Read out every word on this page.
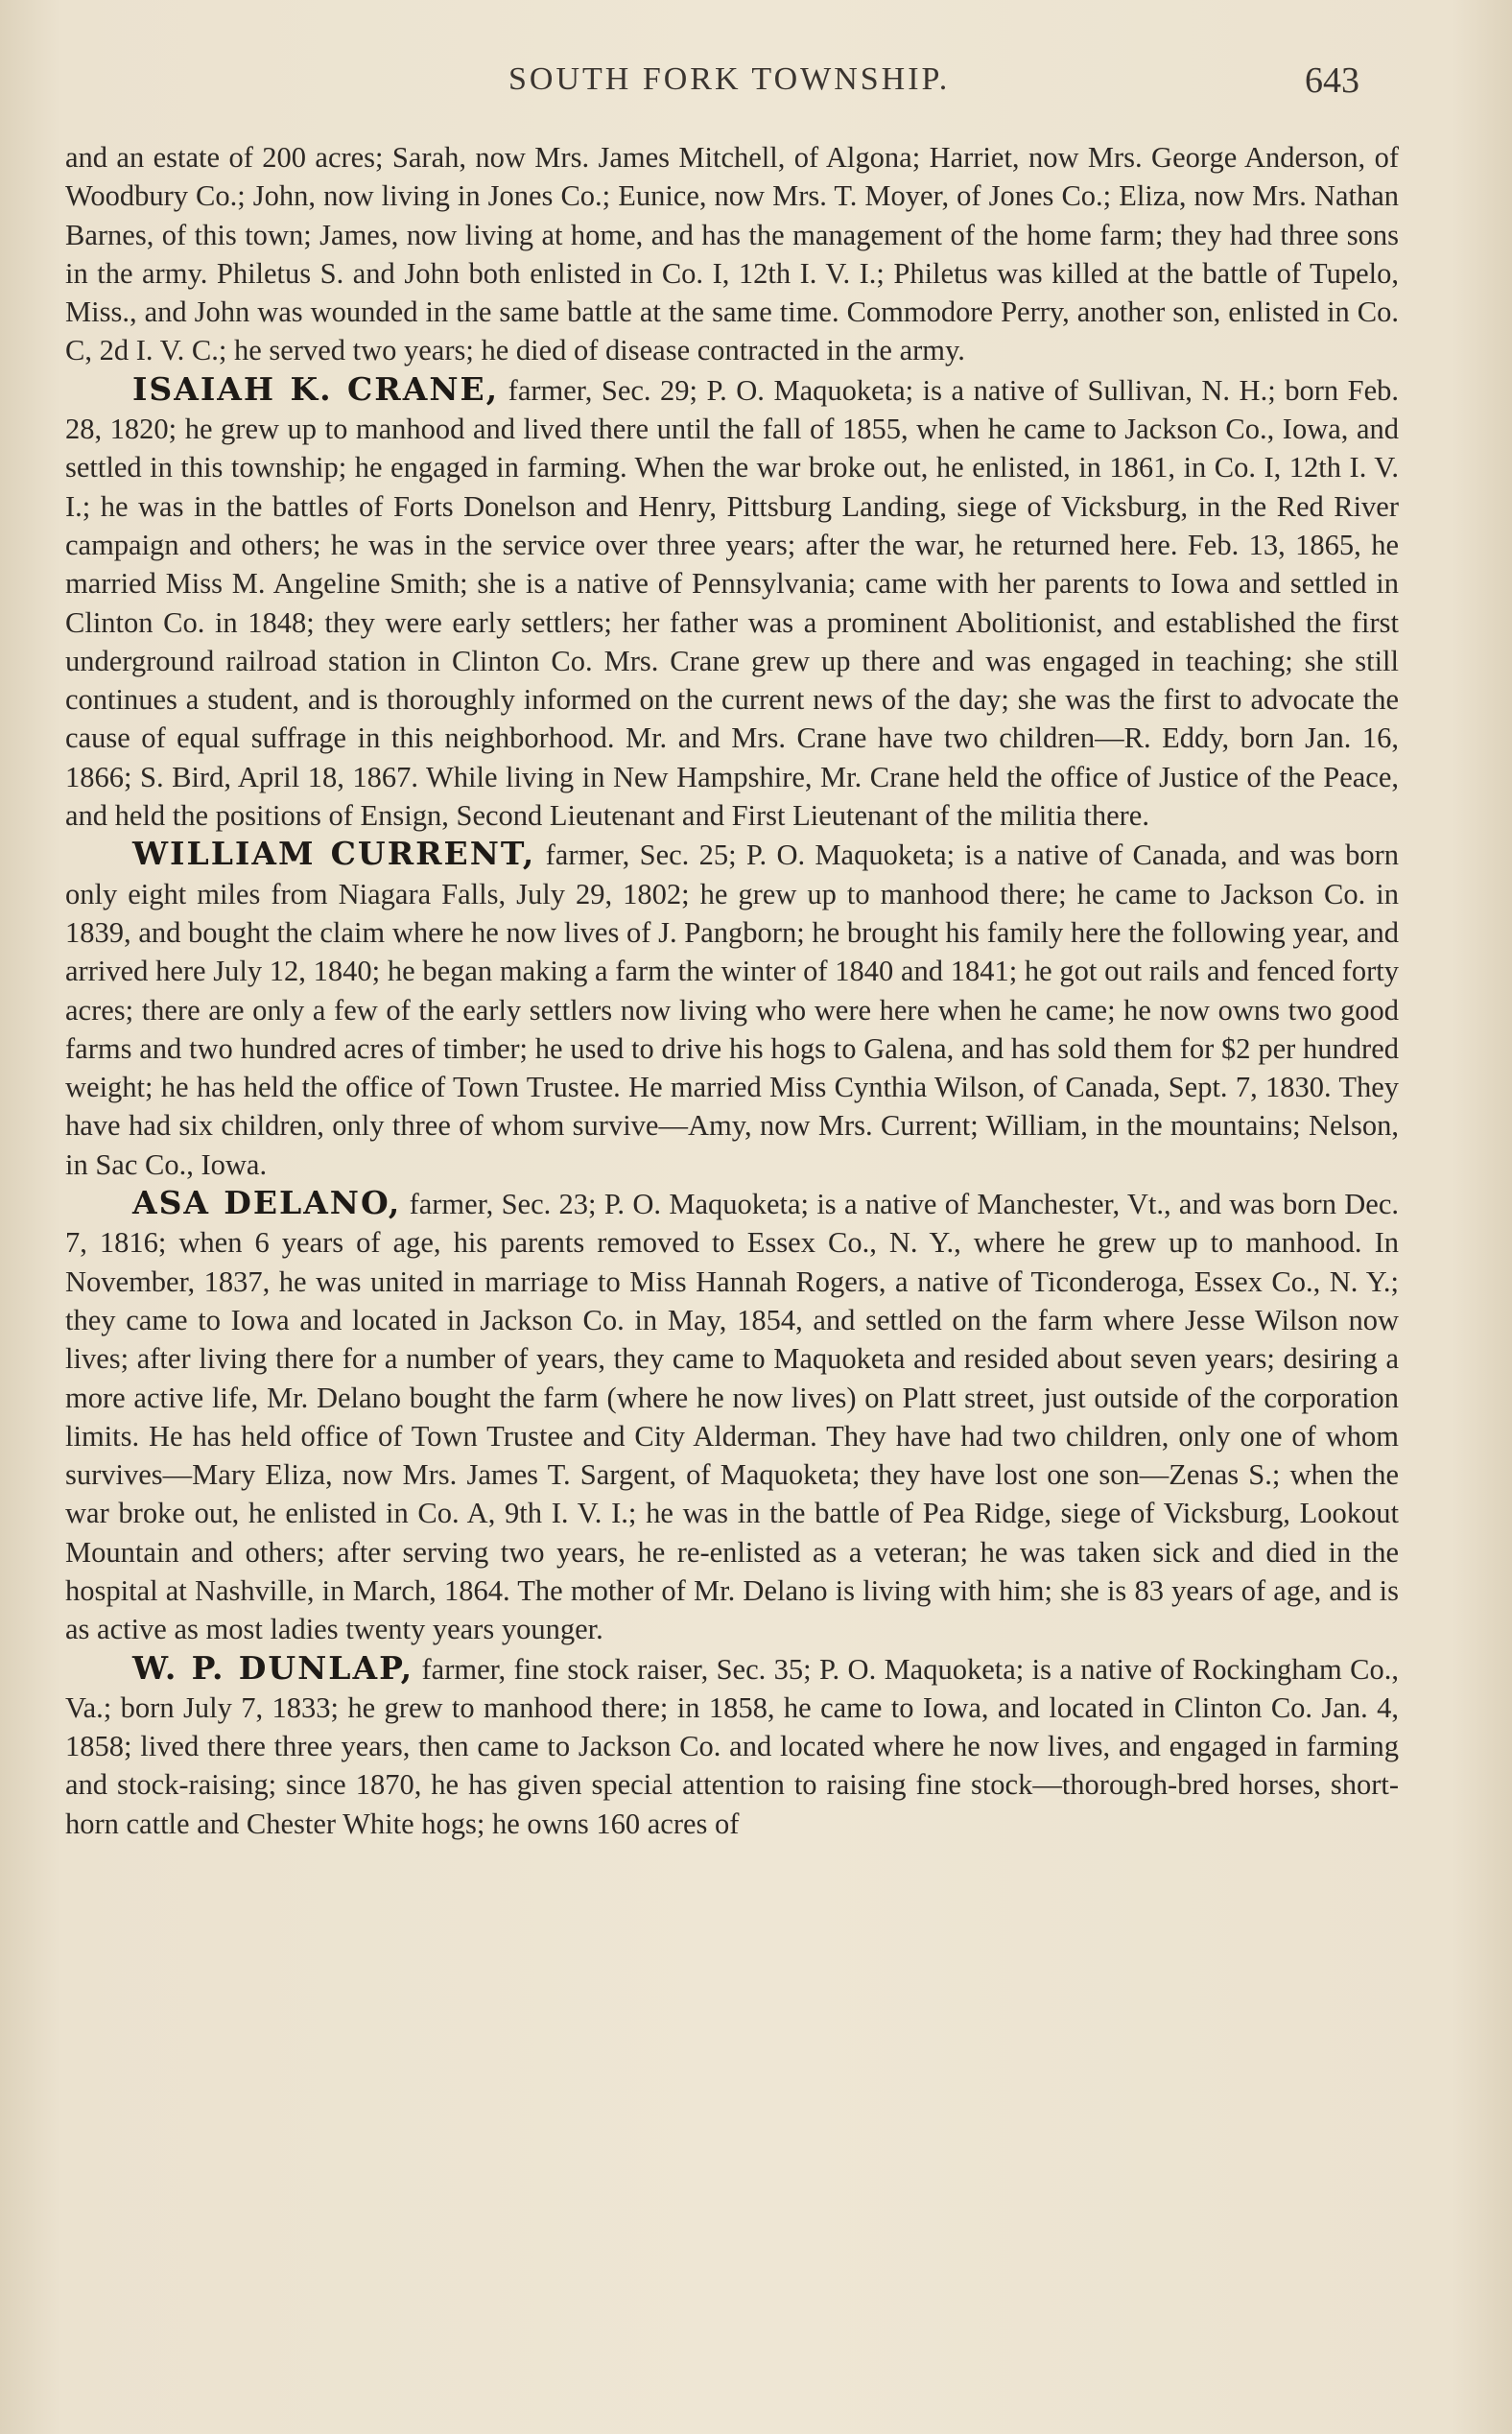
SOUTH FORK TOWNSHIP.	643

and an estate of 200 acres; Sarah, now Mrs. James Mitchell, of Algona; Harriet, now Mrs. George Anderson, of Woodbury Co.; John, now living in Jones Co.; Eunice, now Mrs. T. Moyer, of Jones Co.; Eliza, now Mrs. Nathan Barnes, of this town; James, now living at home, and has the management of the home farm; they had three sons in the army. Philetus S. and John both enlisted in Co. I, 12th I. V. I.; Philetus was killed at the battle of Tupelo, Miss., and John was wounded in the same battle at the same time. Commodore Perry, another son, enlisted in Co. C, 2d I. V. C.; he served two years; he died of disease contracted in the army.

ISAIAH K. CRANE, farmer, Sec. 29; P. O. Maquoketa; is a native of Sullivan, N. H.; born Feb. 28, 1820; he grew up to manhood and lived there until the fall of 1855, when he came to Jackson Co., Iowa, and settled in this township; he engaged in farming. When the war broke out, he enlisted, in 1861, in Co. I, 12th I. V. I.; he was in the battles of Forts Donelson and Henry, Pittsburg Landing, siege of Vicksburg, in the Red River campaign and others; he was in the service over three years; after the war, he returned here. Feb. 13, 1865, he married Miss M. Angeline Smith; she is a native of Pennsylvania; came with her parents to Iowa and settled in Clinton Co. in 1848; they were early settlers; her father was a prominent Abolitionist, and established the first underground railroad station in Clinton Co. Mrs. Crane grew up there and was engaged in teaching; she still continues a student, and is thoroughly informed on the current news of the day; she was the first to advocate the cause of equal suffrage in this neighborhood. Mr. and Mrs. Crane have two children—R. Eddy, born Jan. 16, 1866; S. Bird, April 18, 1867. While living in New Hampshire, Mr. Crane held the office of Justice of the Peace, and held the positions of Ensign, Second Lieutenant and First Lieutenant of the militia there.

WILLIAM CURRENT, farmer, Sec. 25; P. O. Maquoketa; is a native of Canada, and was born only eight miles from Niagara Falls, July 29, 1802; he grew up to manhood there; he came to Jackson Co. in 1839, and bought the claim where he now lives of J. Pangborn; he brought his family here the following year, and arrived here July 12, 1840; he began making a farm the winter of 1840 and 1841; he got out rails and fenced forty acres; there are only a few of the early settlers now living who were here when he came; he now owns two good farms and two hundred acres of timber; he used to drive his hogs to Galena, and has sold them for $2 per hundred weight; he has held the office of Town Trustee. He married Miss Cynthia Wilson, of Canada, Sept. 7, 1830. They have had six children, only three of whom survive—Amy, now Mrs. Current; William, in the mountains; Nelson, in Sac Co., Iowa.

ASA DELANO, farmer, Sec. 23; P. O. Maquoketa; is a native of Manchester, Vt., and was born Dec. 7, 1816; when 6 years of age, his parents removed to Essex Co., N. Y., where he grew up to manhood. In November, 1837, he was united in marriage to Miss Hannah Rogers, a native of Ticonderoga, Essex Co., N. Y.; they came to Iowa and located in Jackson Co. in May, 1854, and settled on the farm where Jesse Wilson now lives; after living there for a number of years, they came to Maquoketa and resided about seven years; desiring a more active life, Mr. Delano bought the farm (where he now lives) on Platt street, just outside of the corporation limits. He has held office of Town Trustee and City Alderman. They have had two children, only one of whom survives—Mary Eliza, now Mrs. James T. Sargent, of Maquoketa; they have lost one son—Zenas S.; when the war broke out, he enlisted in Co. A, 9th I. V. I.; he was in the battle of Pea Ridge, siege of Vicksburg, Lookout Mountain and others; after serving two years, he re-enlisted as a veteran; he was taken sick and died in the hospital at Nashville, in March, 1864. The mother of Mr. Delano is living with him; she is 83 years of age, and is as active as most ladies twenty years younger.

W. P. DUNLAP, farmer, fine stock raiser, Sec. 35; P. O. Maquoketa; is a native of Rockingham Co., Va.; born July 7, 1833; he grew to manhood there; in 1858, he came to Iowa, and located in Clinton Co. Jan. 4, 1858; lived there three years, then came to Jackson Co. and located where he now lives, and engaged in farming and stock-raising; since 1870, he has given special attention to raising fine stock—thorough-bred horses, short-horn cattle and Chester White hogs; he owns 160 acres of
